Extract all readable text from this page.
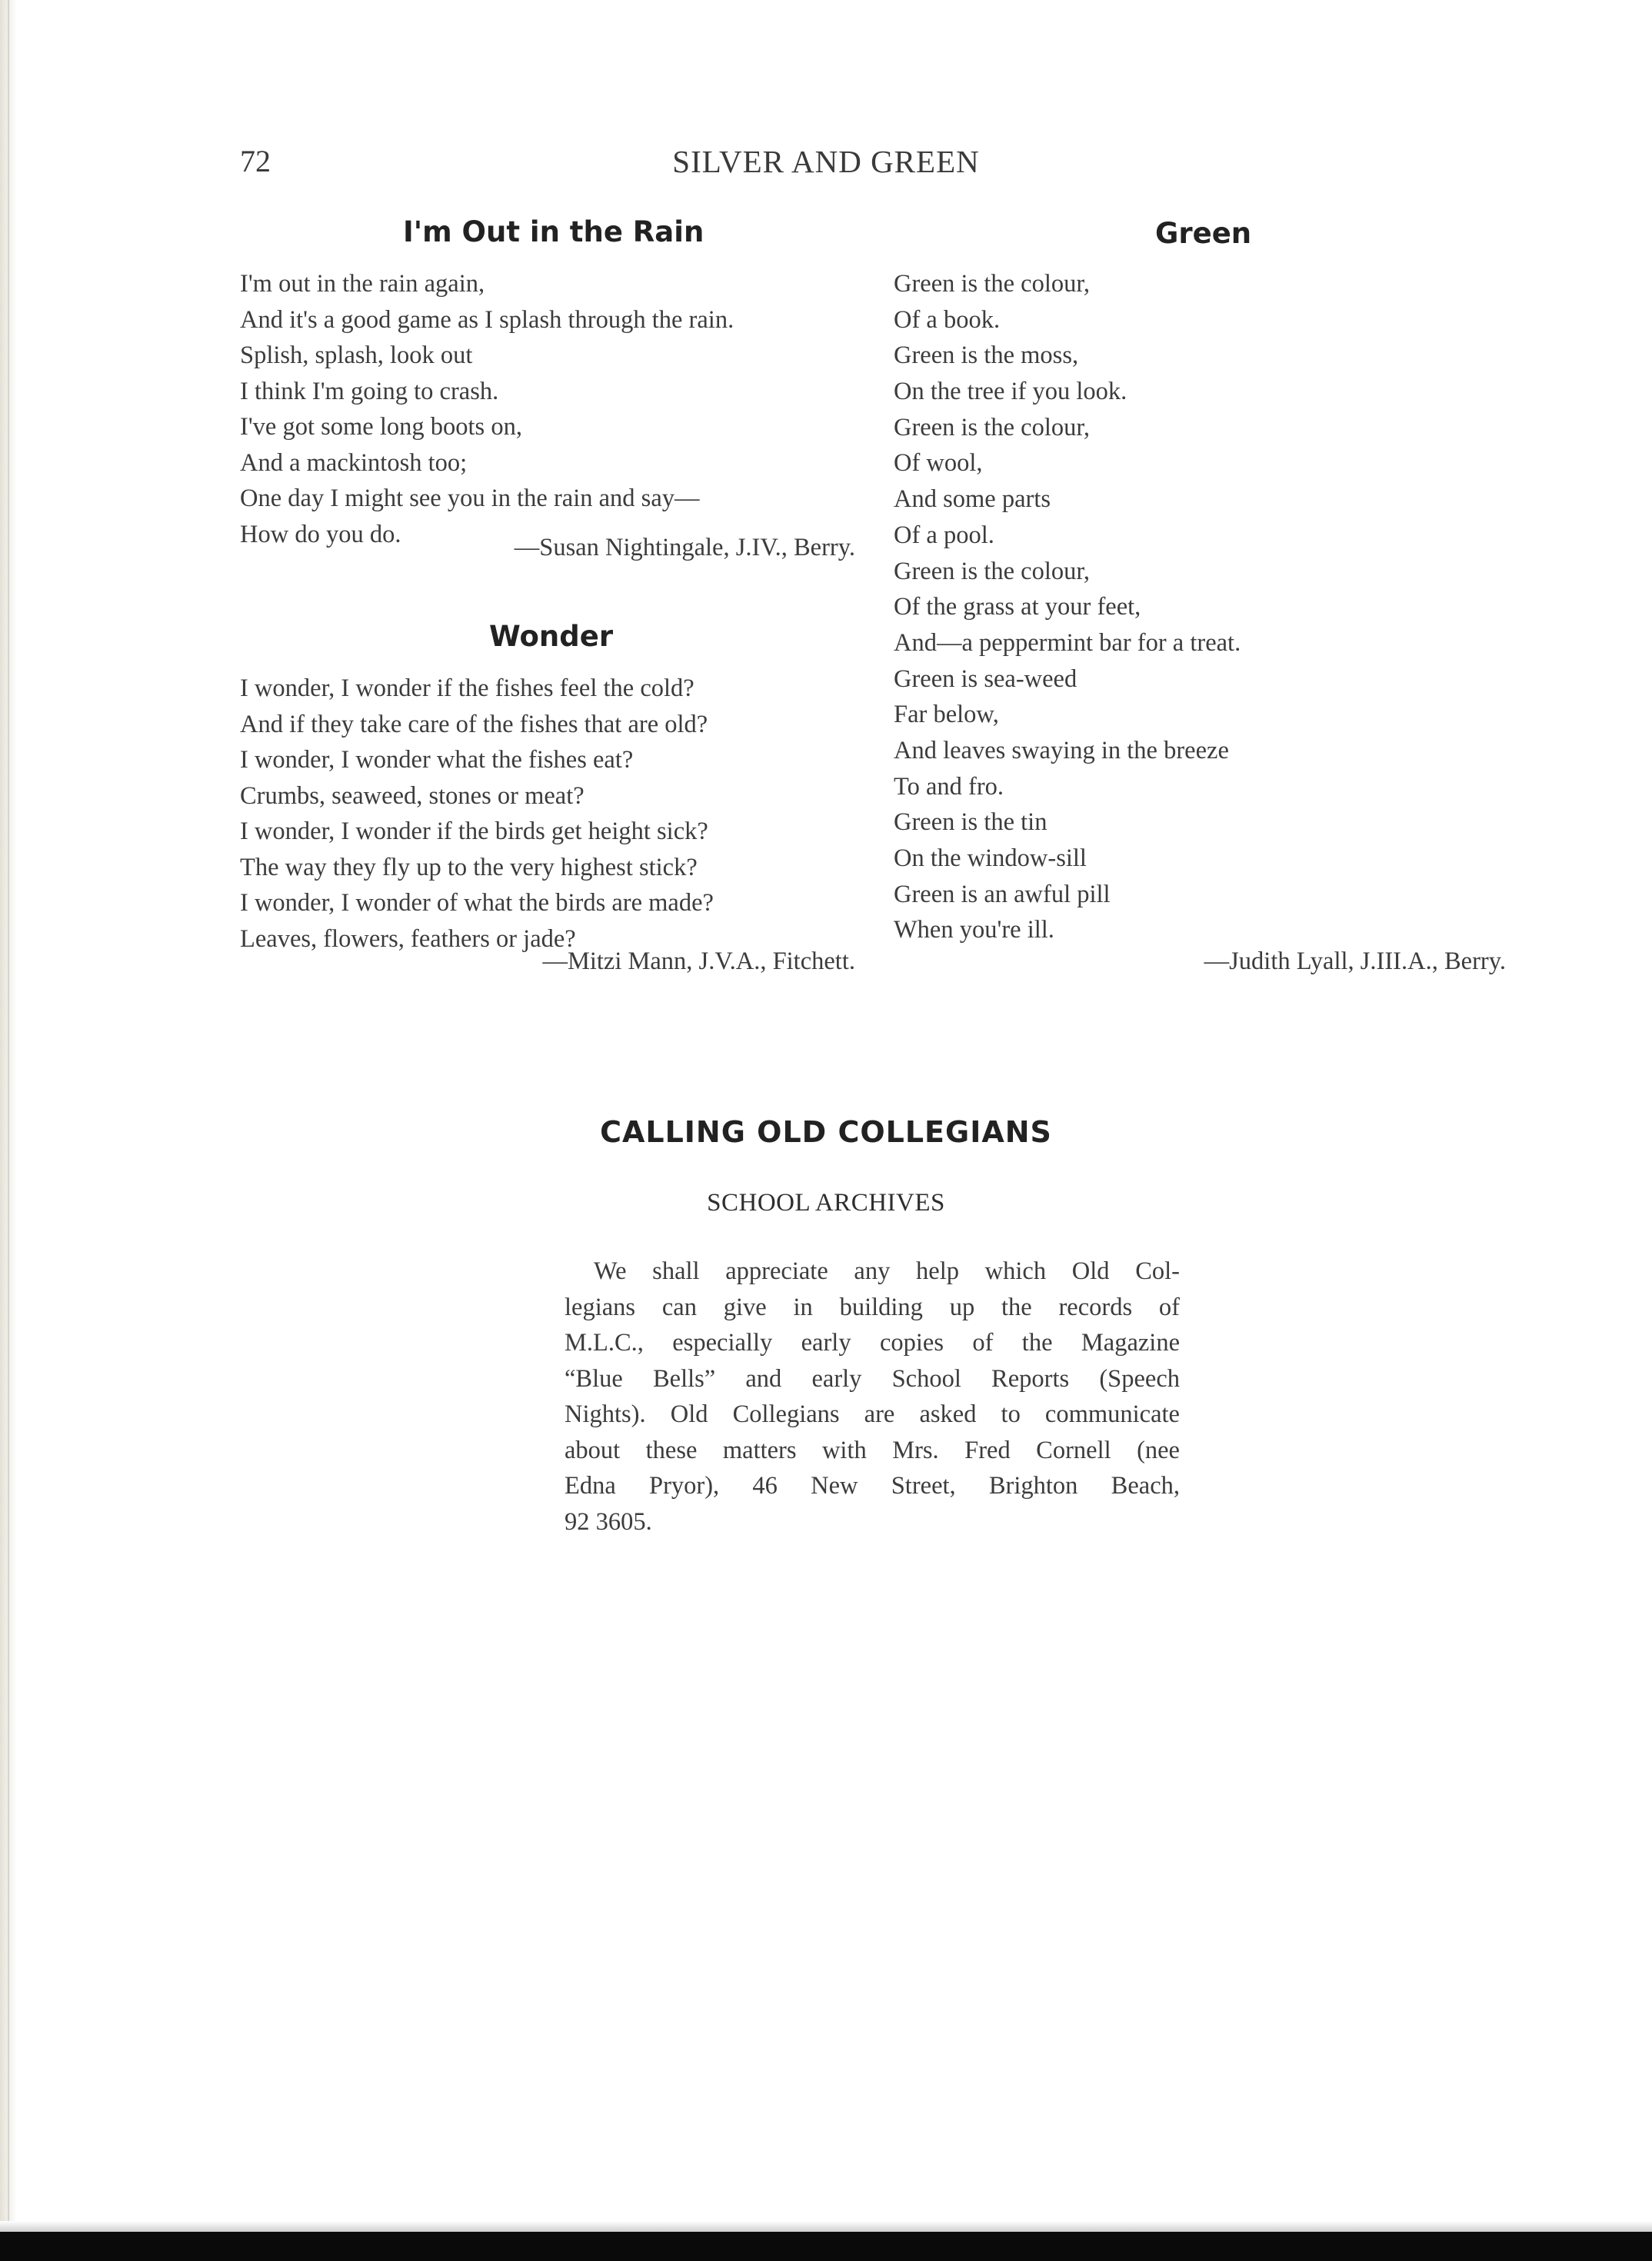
72	SILVER AND GREEN
I'm Out in the Rain
I'm out in the rain again,
And it's a good game as I splash through the rain.
Splish, splash, look out
I think I'm going to crash.
I've got some long boots on,
And a mackintosh too;
One day I might see you in the rain and say—
How do you do.	—Susan Nightingale, J.IV., Berry.
Wonder
I wonder, I wonder if the fishes feel the cold?
And if they take care of the fishes that are old?
I wonder, I wonder what the fishes eat?
Crumbs, seaweed, stones or meat?
I wonder, I wonder if the birds get height sick?
The way they fly up to the very highest stick?
I wonder, I wonder of what the birds are made?
Leaves, flowers, feathers or jade?
—Mitzi Mann, J.V.A., Fitchett.
Green
Green is the colour,
Of a book.
Green is the moss,
On the tree if you look.
Green is the colour,
Of wool,
And some parts
Of a pool.
Green is the colour,
Of the grass at your feet,
And—a peppermint bar for a treat.
Green is sea-weed
Far below,
And leaves swaying in the breeze
To and fro.
Green is the tin
On the window-sill
Green is an awful pill
When you're ill.
—Judith Lyall, J.III.A., Berry.
CALLING OLD COLLEGIANS
SCHOOL ARCHIVES
We shall appreciate any help which Old Col-
legians can give in building up the records of
M.L.C., especially early copies of the Magazine
“Blue Bells” and early School Reports (Speech
Nights). Old Collegians are asked to communicate
about these matters with Mrs. Fred Cornell (nee
Edna Pryor), 46 New Street, Brighton Beach,
92 3605.
